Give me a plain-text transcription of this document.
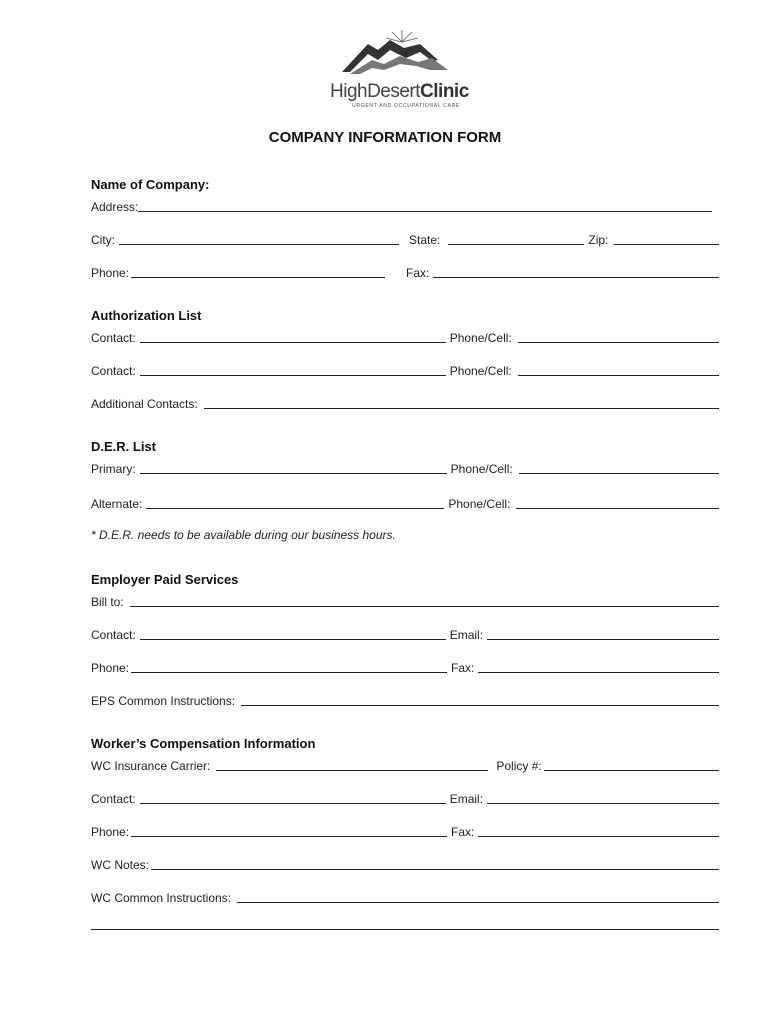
HighDesertClinic
URGENT AND OCCUPATIONAL CARE
COMPANY INFORMATION FORM
Name of Company:
Address:
City:	State:	Zip:
Phone:	Fax:
Authorization List
Contact:	Phone/Cell:
Contact:	Phone/Cell:
Additional Contacts:
D.E.R. List
Primary:	Phone/Cell:
Alternate:	Phone/Cell:
* D.E.R. needs to be available during our business hours.
Employer Paid Services
Bill to:
Contact:	Email:
Phone:	Fax:
EPS Common Instructions:
Worker’s Compensation Information
WC Insurance Carrier:	Policy #:
Contact:	Email:
Phone:	Fax:
WC Notes:
WC Common Instructions:
